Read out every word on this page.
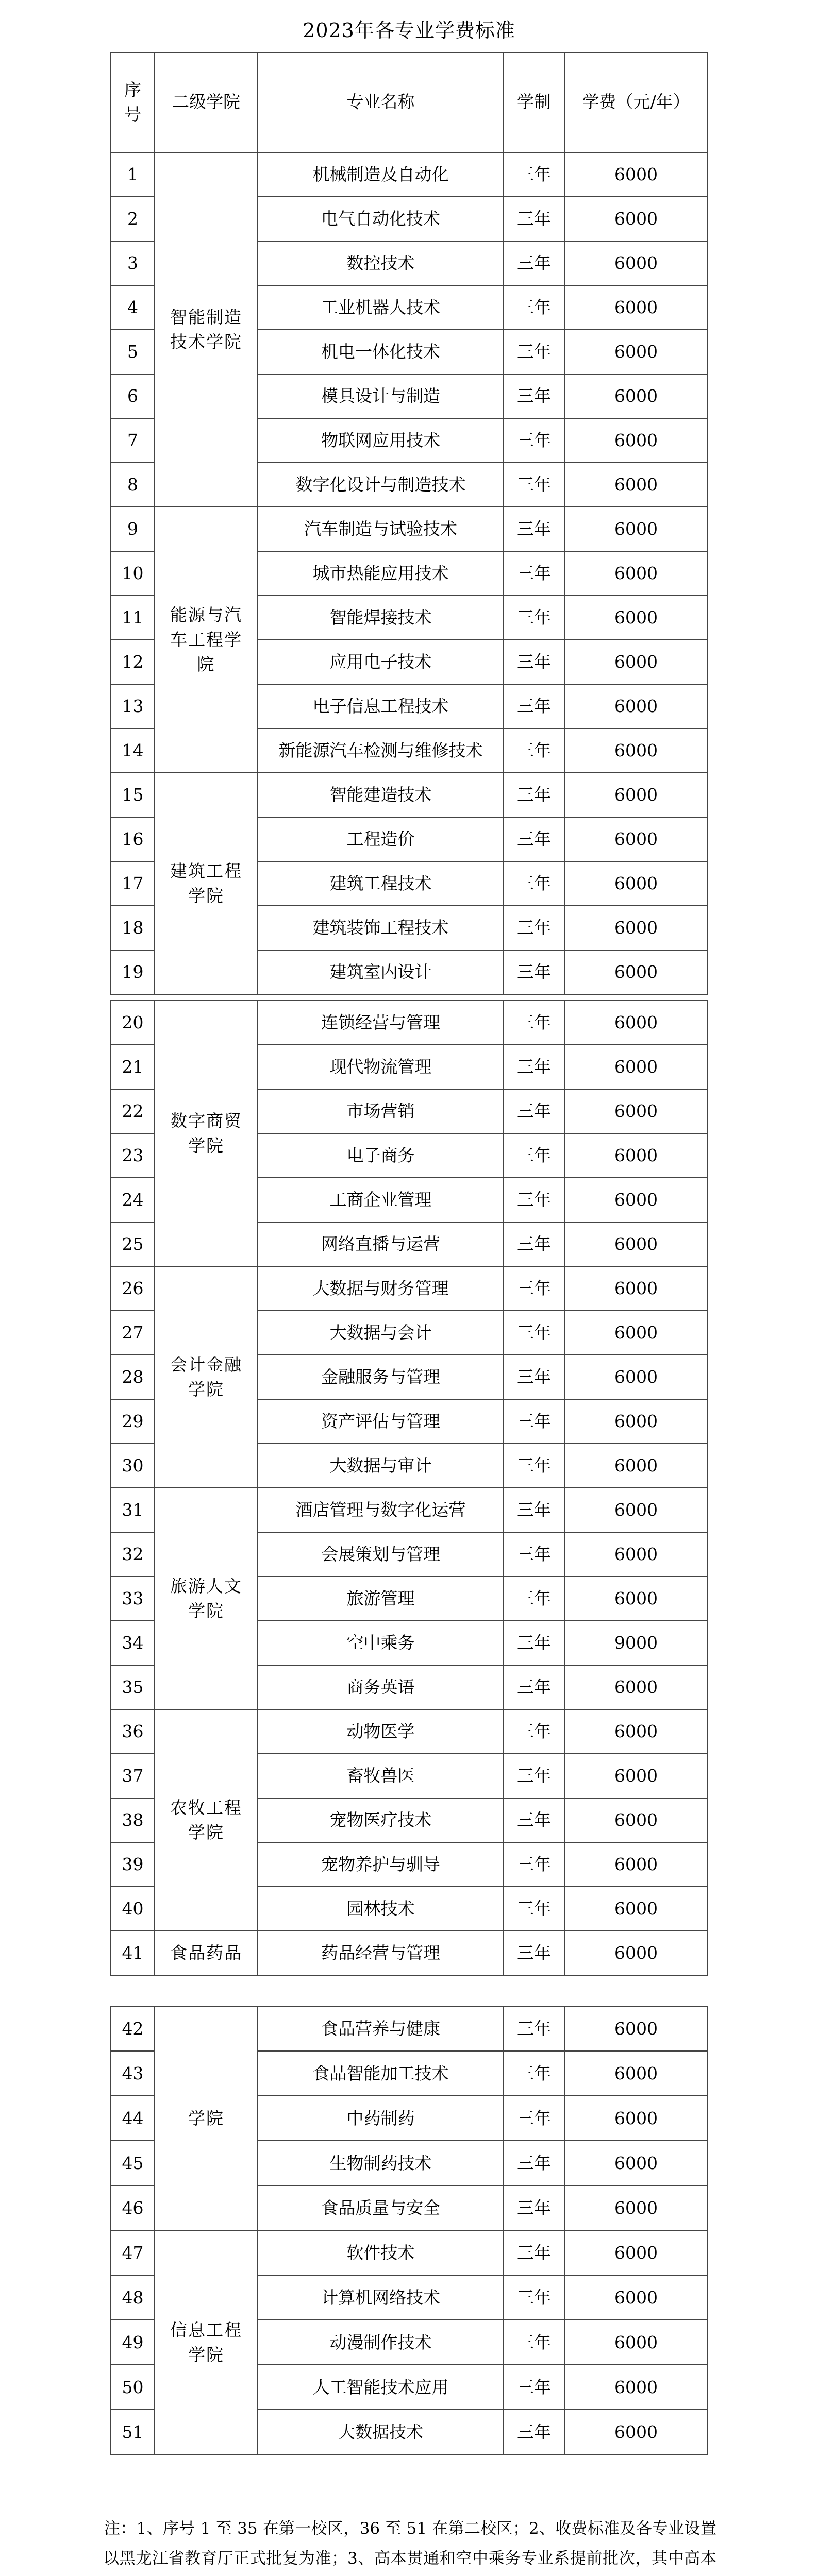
2023年各专业学费标准
序号	二级学院	专业名称	学制	学费（元/年）
1	智能制造技术学院	机械制造及自动化	三年	6000
2		电气自动化技术	三年	6000
3		数控技术	三年	6000
4		工业机器人技术	三年	6000
5		机电一体化技术	三年	6000
6		模具设计与制造	三年	6000
7		物联网应用技术	三年	6000
8		数字化设计与制造技术	三年	6000
9	能源与汽车工程学院	汽车制造与试验技术	三年	6000
10		城市热能应用技术	三年	6000
11		智能焊接技术	三年	6000
12		应用电子技术	三年	6000
13		电子信息工程技术	三年	6000
14		新能源汽车检测与维修技术	三年	6000
15	建筑工程学院	智能建造技术	三年	6000
16		工程造价	三年	6000
17		建筑工程技术	三年	6000
18		建筑装饰工程技术	三年	6000
19		建筑室内设计	三年	6000
20	数字商贸学院	连锁经营与管理	三年	6000
21		现代物流管理	三年	6000
22		市场营销	三年	6000
23		电子商务	三年	6000
24		工商企业管理	三年	6000
25		网络直播与运营	三年	6000
26	会计金融学院	大数据与财务管理	三年	6000
27		大数据与会计	三年	6000
28		金融服务与管理	三年	6000
29		资产评估与管理	三年	6000
30		大数据与审计	三年	6000
31	旅游人文学院	酒店管理与数字化运营	三年	6000
32		会展策划与管理	三年	6000
33		旅游管理	三年	6000
34		空中乘务	三年	9000
35		商务英语	三年	6000
36	农牧工程学院	动物医学	三年	6000
37		畜牧兽医	三年	6000
38		宠物医疗技术	三年	6000
39		宠物养护与驯导	三年	6000
40		园林技术	三年	6000
41	食品药品	药品经营与管理	三年	6000
42	学院	食品营养与健康	三年	6000
43		食品智能加工技术	三年	6000
44		中药制药	三年	6000
45		生物制药技术	三年	6000
46		食品质量与安全	三年	6000
47	信息工程学院	软件技术	三年	6000
48		计算机网络技术	三年	6000
49		动漫制作技术	三年	6000
50		人工智能技术应用	三年	6000
51		大数据技术	三年	6000
注：1、序号 1 至 35 在第一校区，36 至 51 在第二校区；2、收费标准及各专业设置以黑龙江省教育厅正式批复为准；3、高本贯通和空中乘务专业系提前批次，其中高本
